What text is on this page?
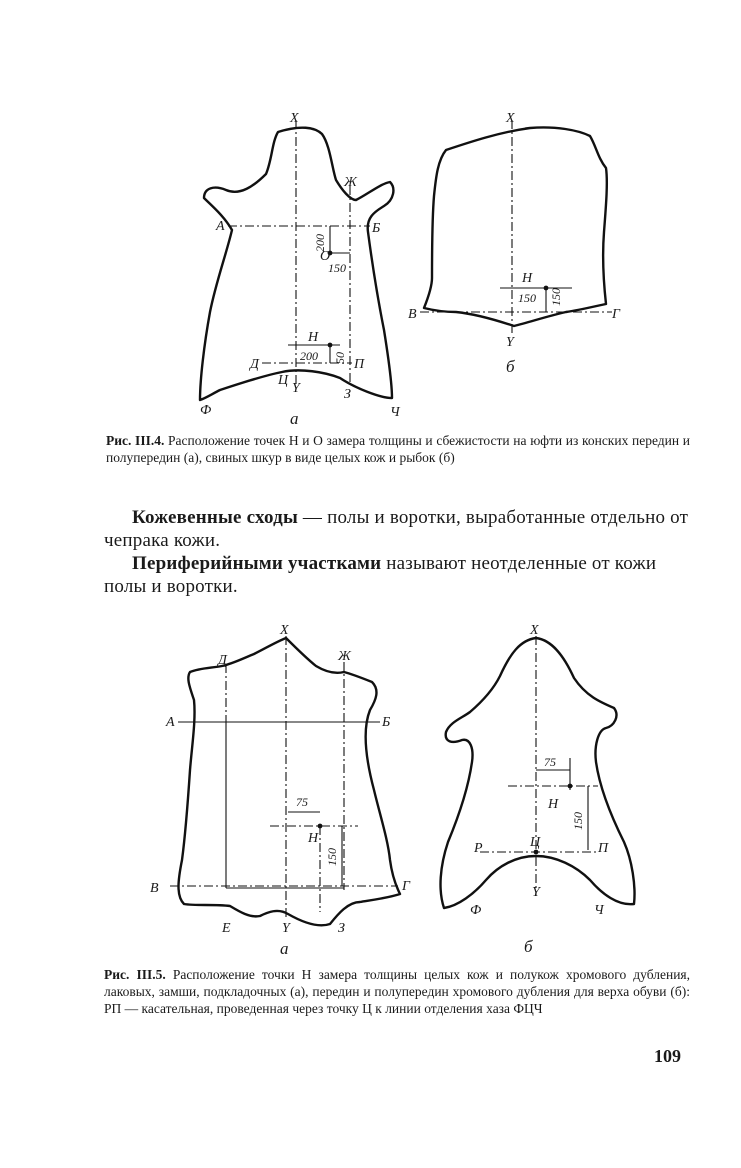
Х
Ж
А	Б
200
О
150
Н
200 50
Д	П
Ц
Y	З
Ф	Ч
а
Х
Н
150 150
В	Г
Y
б
Х
Д	Ж
А	Б
75
Н
150
В	Г
Е	Y	З
а
Х
75
Н
150
Р	Ц	П
Y
Ф	Ч
б
Рис. III.4. Расположение точек Н и О замера толщины и сбежистости на юфти из конских передин и полупередин (а), свиных шкур в виде целых кож и рыбок (б)
Кожевенные сходы — полы и воротки, выработанные отдельно от чепрака кожи.
Периферийными участками называют неотделенные от кожи полы и воротки.
Рис. III.5. Расположение точки Н замера толщины целых кож и полукож хромового дубления, лаковых, замши, подкладочных (а), передин и полупередин хромового дубления для верха обуви (б): РП — касательная, проведенная через точку Ц к линии отделения хаза ФЦЧ
109
